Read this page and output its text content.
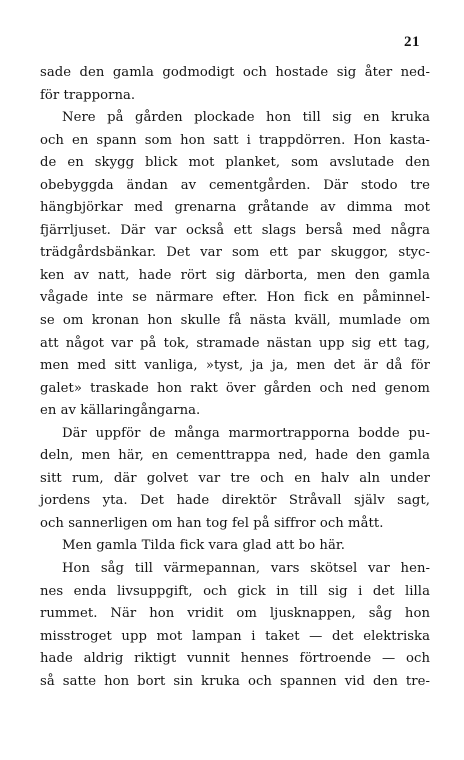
21
sade den gamla godmodigt och hostade sig åter ned-
för trapporna.
Nere på gården plockade hon till sig en kruka
och en spann som hon satt i trappdörren. Hon kasta-
de en skygg blick mot planket, som avslutade den
obebyggda ändan av cementgården. Där stodo tre
hängbjörkar med grenarna gråtande av dimma mot
fjärrljuset. Där var också ett slags berså med några
trädgårdsbänkar. Det var som ett par skuggor, styc-
ken av natt, hade rört sig därborta, men den gamla
vågade inte se närmare efter. Hon fick en påminnel-
se om kronan hon skulle få nästa kväll, mumlade om
att något var på tok, stramade nästan upp sig ett tag,
men med sitt vanliga, »tyst, ja ja, men det är då för
galet» traskade hon rakt över gården och ned genom
en av källaringångarna.
Där uppför de många marmortrapporna bodde pu-
deln, men här, en cementtrappa ned, hade den gamla
sitt rum, där golvet var tre och en halv aln under
jordens yta. Det hade direktör Stråvall själv sagt,
och sannerligen om han tog fel på siffror och mått.
Men gamla Tilda fick vara glad att bo här.
Hon såg till värmepannan, vars skötsel var hen-
nes enda livsuppgift, och gick in till sig i det lilla
rummet. När hon vridit om ljusknappen, såg hon
misstroget upp mot lampan i taket — det elektriska
hade aldrig riktigt vunnit hennes förtroende — och
så satte hon bort sin kruka och spannen vid den tre-
